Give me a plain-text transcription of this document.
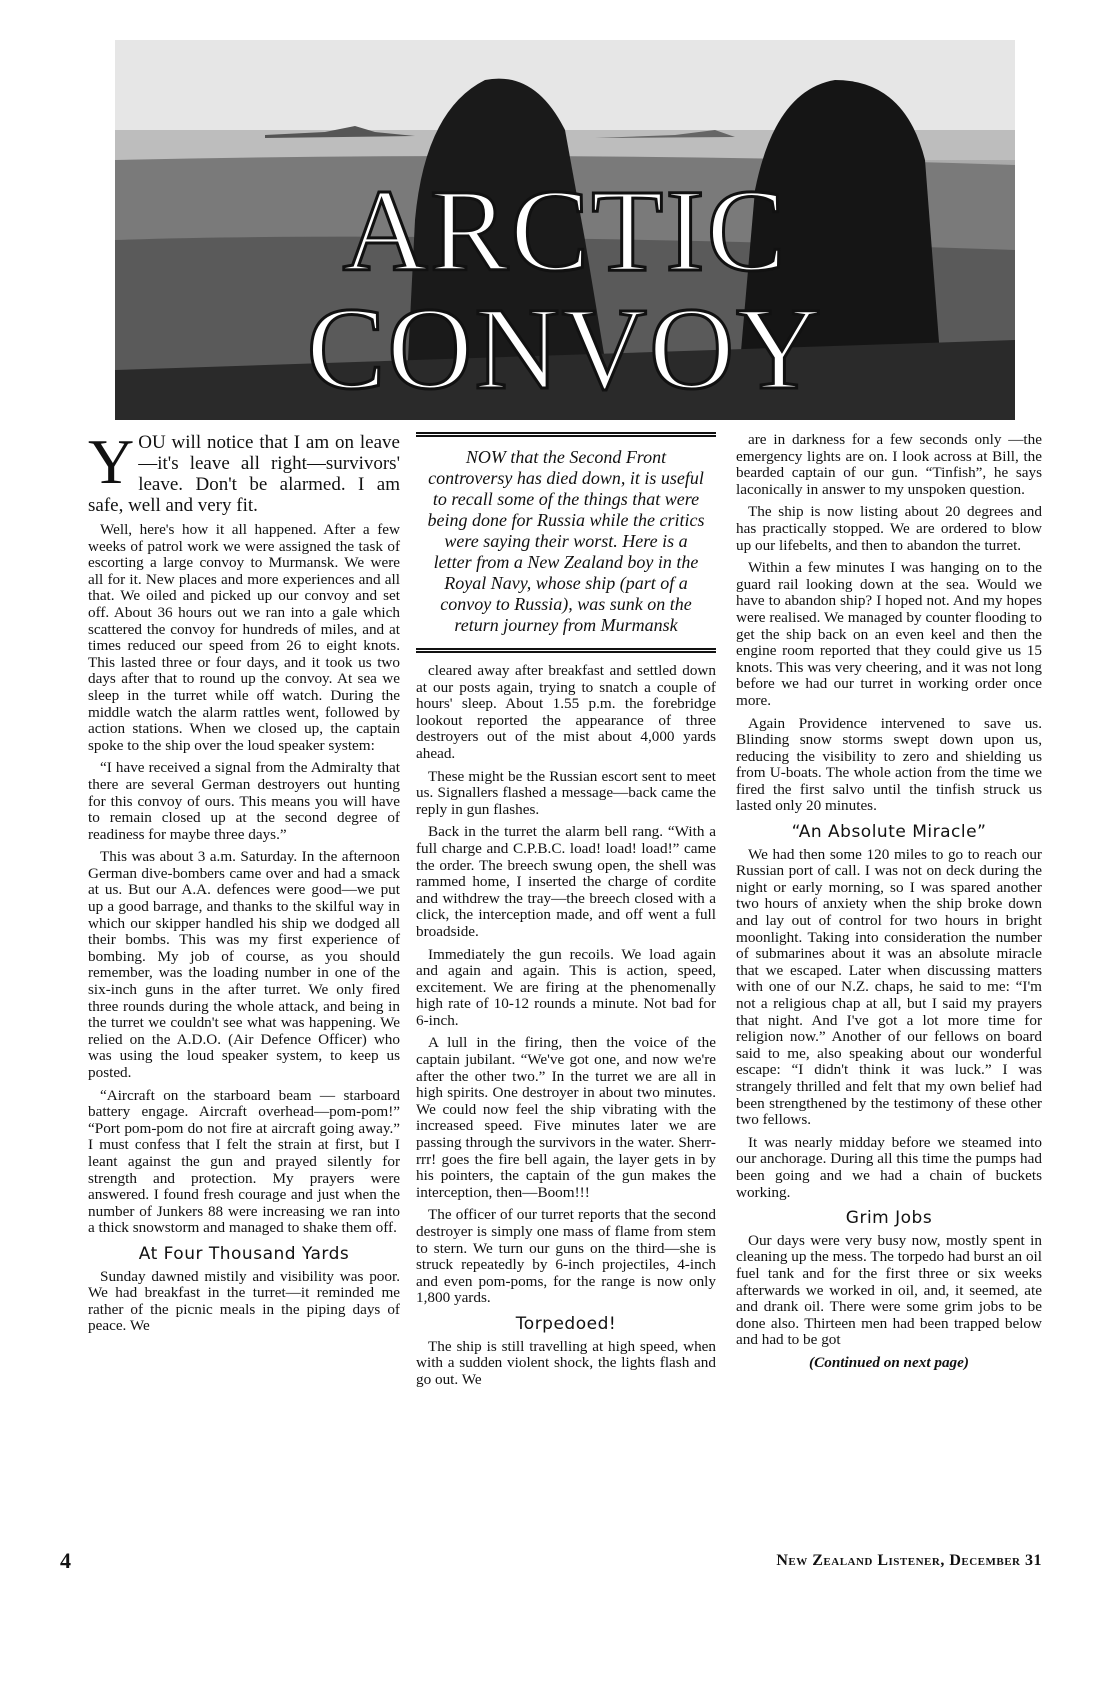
ARCTIC CONVOY

YOU will notice that I am on leave—it's leave all right—survivors' leave. Don't be alarmed. I am safe, well and very fit.

Well, here's how it all happened. After a few weeks of patrol work we were assigned the task of escorting a large convoy to Murmansk. We were all for it. New places and more experiences and all that. We oiled and picked up our convoy and set off. About 36 hours out we ran into a gale which scattered the convoy for hundreds of miles, and at times reduced our speed from 26 to eight knots. This lasted three or four days, and it took us two days after that to round up the convoy. At sea we sleep in the turret while off watch. During the middle watch the alarm rattles went, followed by action stations. When we closed up, the captain spoke to the ship over the loud speaker system:

“I have received a signal from the Admiralty that there are several German destroyers out hunting for this convoy of ours. This means you will have to remain closed up at the second degree of readiness for maybe three days.”

This was about 3 a.m. Saturday. In the afternoon German dive-bombers came over and had a smack at us. But our A.A. defences were good—we put up a good barrage, and thanks to the skilful way in which our skipper handled his ship we dodged all their bombs. This was my first experience of bombing. My job of course, as you should remember, was the loading number in one of the six-inch guns in the after turret. We only fired three rounds during the whole attack, and being in the turret we couldn't see what was happening. We relied on the A.D.O. (Air Defence Officer) who was using the loud speaker system, to keep us posted.

“Aircraft on the starboard beam — starboard battery engage. Aircraft overhead—pom-pom!” “Port pom-pom do not fire at aircraft going away.” I must confess that I felt the strain at first, but I leant against the gun and prayed silently for strength and protection. My prayers were answered. I found fresh courage and just when the number of Junkers 88 were increasing we ran into a thick snowstorm and managed to shake them off.

At Four Thousand Yards

Sunday dawned mistily and visibility was poor. We had breakfast in the turret—it reminded me rather of the picnic meals in the piping days of peace. We

NOW that the Second Front controversy has died down, it is useful to recall some of the things that were being done for Russia while the critics were saying their worst. Here is a letter from a New Zealand boy in the Royal Navy, whose ship (part of a convoy to Russia), was sunk on the return journey from Murmansk

cleared away after breakfast and settled down at our posts again, trying to snatch a couple of hours' sleep. About 1.55 p.m. the forebridge lookout reported the appearance of three destroyers out of the mist about 4,000 yards ahead.

These might be the Russian escort sent to meet us. Signallers flashed a message—back came the reply in gun flashes.

Back in the turret the alarm bell rang. “With a full charge and C.P.B.C. load! load! load!” came the order. The breech swung open, the shell was rammed home, I inserted the charge of cordite and withdrew the tray—the breech closed with a click, the interception made, and off went a full broadside.

Immediately the gun recoils. We load again and again and again. This is action, speed, excitement. We are firing at the phenomenally high rate of 10-12 rounds a minute. Not bad for 6-inch.

A lull in the firing, then the voice of the captain jubilant. “We've got one, and now we're after the other two.” In the turret we are all in high spirits. One destroyer in about two minutes. We could now feel the ship vibrating with the increased speed. Five minutes later we are passing through the survivors in the water. Sherr-rrr! goes the fire bell again, the layer gets in by his pointers, the captain of the gun makes the interception, then—Boom!!!

The officer of our turret reports that the second destroyer is simply one mass of flame from stem to stern. We turn our guns on the third—she is struck repeatedly by 6-inch projectiles, 4-inch and even pom-poms, for the range is now only 1,800 yards.

Torpedoed!

The ship is still travelling at high speed, when with a sudden violent shock, the lights flash and go out. We

are in darkness for a few seconds only —the emergency lights are on. I look across at Bill, the bearded captain of our gun. “Tinfish”, he says laconically in answer to my unspoken question.

The ship is now listing about 20 degrees and has practically stopped. We are ordered to blow up our lifebelts, and then to abandon the turret.

Within a few minutes I was hanging on to the guard rail looking down at the sea. Would we have to abandon ship? I hoped not. And my hopes were realised. We managed by counter flooding to get the ship back on an even keel and then the engine room reported that they could give us 15 knots. This was very cheering, and it was not long before we had our turret in working order once more.

Again Providence intervened to save us. Blinding snow storms swept down upon us, reducing the visibility to zero and shielding us from U-boats. The whole action from the time we fired the first salvo until the tinfish struck us lasted only 20 minutes.

“An Absolute Miracle”

We had then some 120 miles to go to reach our Russian port of call. I was not on deck during the night or early morning, so I was spared another two hours of anxiety when the ship broke down and lay out of control for two hours in bright moonlight. Taking into consideration the number of submarines about it was an absolute miracle that we escaped. Later when discussing matters with one of our N.Z. chaps, he said to me: “I'm not a religious chap at all, but I said my prayers that night. And I've got a lot more time for religion now.” Another of our fellows on board said to me, also speaking about our wonderful escape: “I didn't think it was luck.” I was strangely thrilled and felt that my own belief had been strengthened by the testimony of these other two fellows.

It was nearly midday before we steamed into our anchorage. During all this time the pumps had been going and we had a chain of buckets working.

Grim Jobs

Our days were very busy now, mostly spent in cleaning up the mess. The torpedo had burst an oil fuel tank and for the first three or six weeks afterwards we worked in oil, and, it seemed, ate and drank oil. There were some grim jobs to be done also. Thirteen men had been trapped below and had to be got

(Continued on next page)
4	New Zealand Listener, December 31
